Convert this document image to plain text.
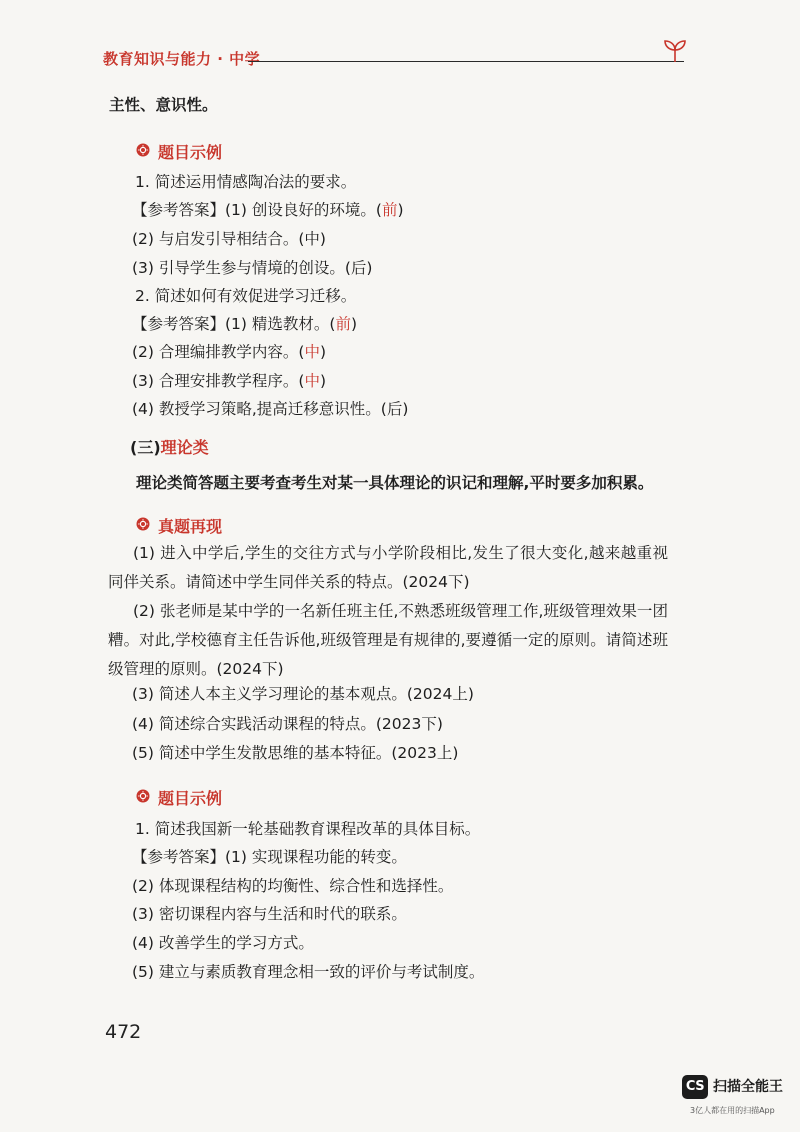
教育知识与能力 · 中学
主性、意识性。
题目示例
1. 简述运用情感陶冶法的要求。
【参考答案】(1) 创设良好的环境。(前)
(2) 与启发引导相结合。(中)
(3) 引导学生参与情境的创设。(后)
2. 简述如何有效促进学习迁移。
【参考答案】(1) 精选教材。(前)
(2) 合理编排教学内容。(中)
(3) 合理安排教学程序。(中)
(4) 教授学习策略,提高迁移意识性。(后)
(三)理论类
理论类简答题主要考查考生对某一具体理论的识记和理解,平时要多加积累。
真题再现
(1) 进入中学后,学生的交往方式与小学阶段相比,发生了很大变化,越来越重视同伴关系。请简述中学生同伴关系的特点。(2024下)
(2) 张老师是某中学的一名新任班主任,不熟悉班级管理工作,班级管理效果一团糟。对此,学校德育主任告诉他,班级管理是有规律的,要遵循一定的原则。请简述班级管理的原则。(2024下)
(3) 简述人本主义学习理论的基本观点。(2024上)
(4) 简述综合实践活动课程的特点。(2023下)
(5) 简述中学生发散思维的基本特征。(2023上)
题目示例
1. 简述我国新一轮基础教育课程改革的具体目标。
【参考答案】(1) 实现课程功能的转变。
(2) 体现课程结构的均衡性、综合性和选择性。
(3) 密切课程内容与生活和时代的联系。
(4) 改善学生的学习方式。
(5) 建立与素质教育理念相一致的评价与考试制度。
472
CS 扫描全能王
3亿人都在用的扫描App
